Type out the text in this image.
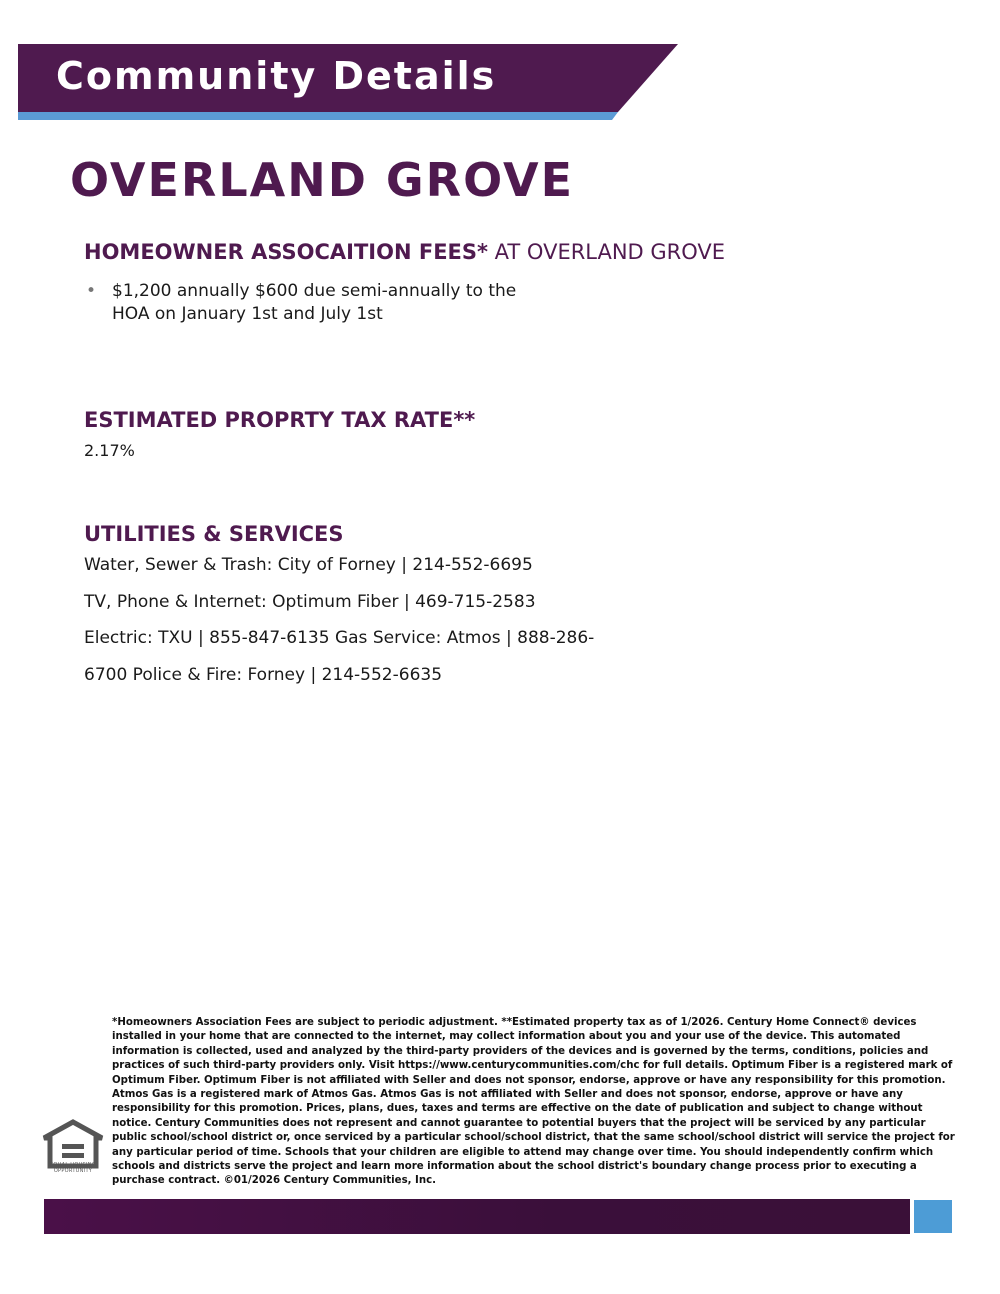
Community Details
OVERLAND GROVE
HOMEOWNER ASSOCAITION FEES* AT OVERLAND GROVE
• $1,200 annually $600 due semi-annually to the HOA on January 1st and July 1st
ESTIMATED PROPRTY TAX RATE**
2.17%
UTILITIES & SERVICES
Water, Sewer & Trash: City of Forney | 214-552-6695
TV, Phone & Internet: Optimum Fiber | 469-715-2583
Electric: TXU | 855-847-6135 Gas Service: Atmos | 888-286-
6700 Police & Fire: Forney | 214-552-6635
EQUAL HOUSING OPPORTUNITY
*Homeowners Association Fees are subject to periodic adjustment. **Estimated property tax as of 1/2026. Century Home Connect® devices installed in your home that are connected to the internet, may collect information about you and your use of the device. This automated information is collected, used and analyzed by the third-party providers of the devices and is governed by the terms, conditions, policies and practices of such third-party providers only. Visit https://www.centurycommunities.com/chc for full details. Optimum Fiber is a registered mark of Optimum Fiber. Optimum Fiber is not affiliated with Seller and does not sponsor, endorse, approve or have any responsibility for this promotion. Atmos Gas is a registered mark of Atmos Gas. Atmos Gas is not affiliated with Seller and does not sponsor, endorse, approve or have any responsibility for this promotion. Prices, plans, dues, taxes and terms are effective on the date of publication and subject to change without notice. Century Communities does not represent and cannot guarantee to potential buyers that the project will be serviced by any particular public school/school district or, once serviced by a particular school/school district, that the same school/school district will service the project for any particular period of time. Schools that your children are eligible to attend may change over time. You should independently confirm which schools and districts serve the project and learn more information about the school district's boundary change process prior to executing a purchase contract. ©01/2026 Century Communities, Inc.
